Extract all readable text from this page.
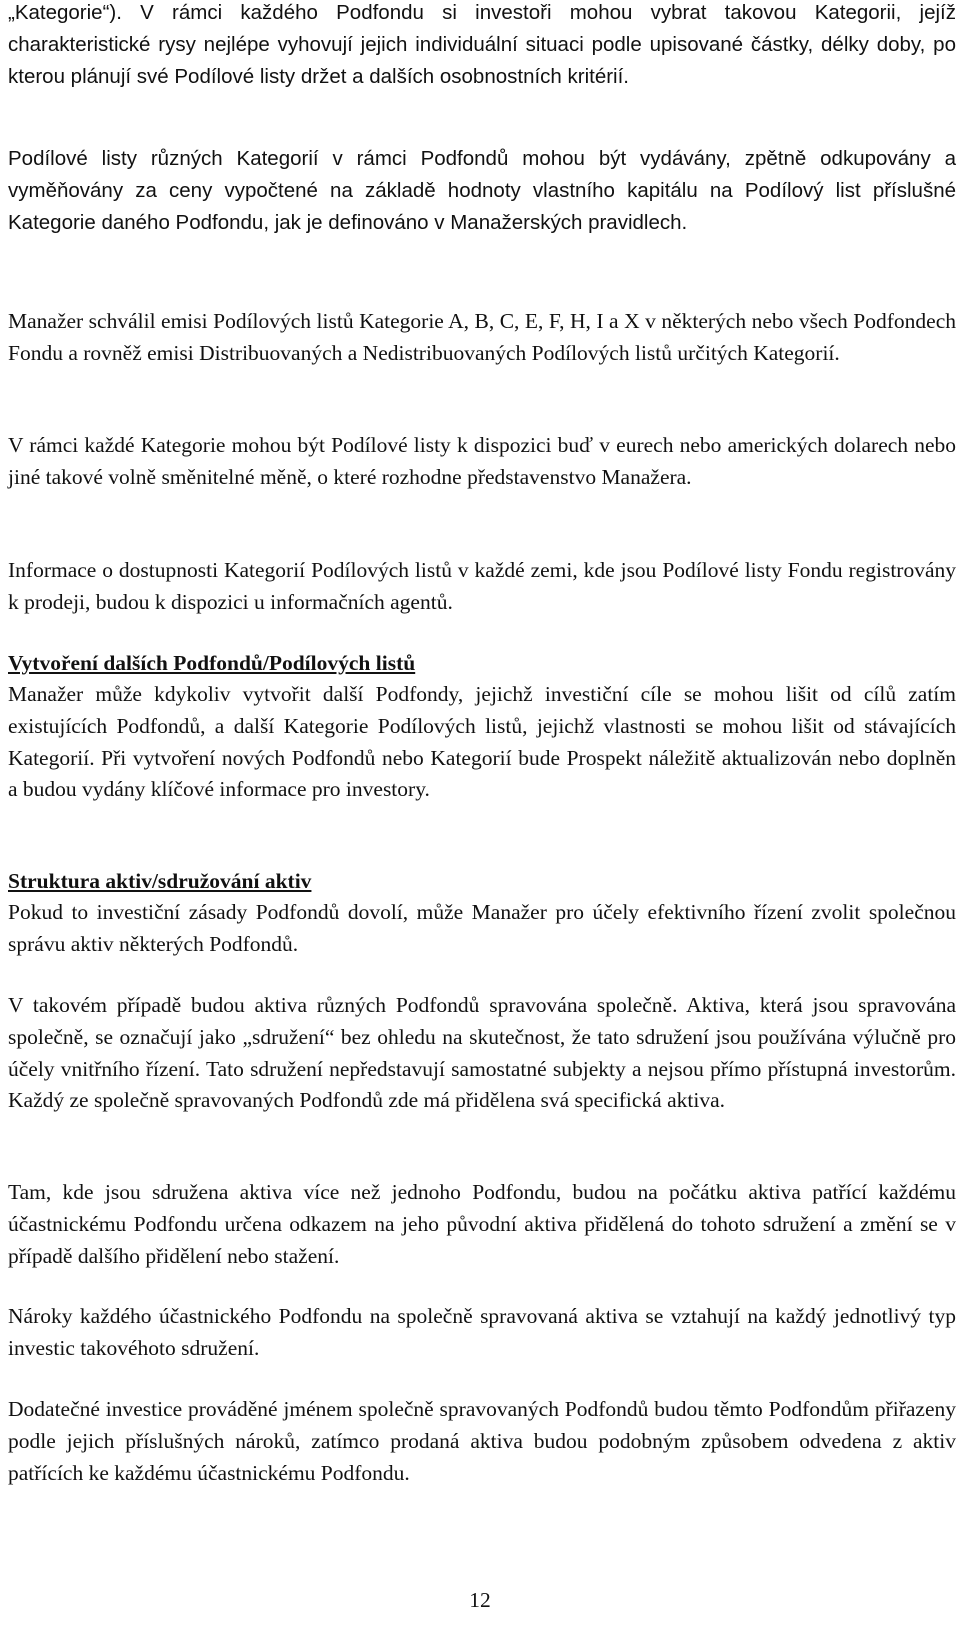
„Kategorie“). V rámci každého Podfondu si investoři mohou vybrat takovou Kategorii, jejíž charakteristické rysy nejlépe vyhovují jejich individuální situaci podle upisované částky, délky doby, po kterou plánují své Podílové listy držet a dalších osobnostních kritérií.

Podílové listy různých Kategorií v rámci Podfondů mohou být vydávány, zpětně odkupovány a vyměňovány za ceny vypočtené na základě hodnoty vlastního kapitálu na Podílový list příslušné Kategorie daného Podfondu, jak je definováno v Manažerských pravidlech.

Manažer schválil emisi Podílových listů Kategorie A, B, C, E, F, H, I a X v některých nebo všech Podfondech Fondu a rovněž emisi Distribuovaných a Nedistribuovaných Podílových listů určitých Kategorií.

V rámci každé Kategorie mohou být Podílové listy k dispozici buď v eurech nebo amerických dolarech nebo jiné takové volně směnitelné měně, o které rozhodne představenstvo Manažera.

Informace o dostupnosti Kategorií Podílových listů v každé zemi, kde jsou Podílové listy Fondu registrovány k prodeji, budou k dispozici u informačních agentů.

Vytvoření dalších Podfondů/Podílových listů

Manažer může kdykoliv vytvořit další Podfondy, jejichž investiční cíle se mohou lišit od cílů zatím existujících Podfondů, a další Kategorie Podílových listů, jejichž vlastnosti se mohou lišit od stávajících Kategorií. Při vytvoření nových Podfondů nebo Kategorií bude Prospekt náležitě aktualizován nebo doplněn a budou vydány klíčové informace pro investory.

Struktura aktiv/sdružování aktiv

Pokud to investiční zásady Podfondů dovolí, může Manažer pro účely efektivního řízení zvolit společnou správu aktiv některých Podfondů.

V takovém případě budou aktiva různých Podfondů spravována společně. Aktiva, která jsou spravována společně, se označují jako „sdružení“ bez ohledu na skutečnost, že tato sdružení jsou používána výlučně pro účely vnitřního řízení. Tato sdružení nepředstavují samostatné subjekty a nejsou přímo přístupná investorům. Každý ze společně spravovaných Podfondů zde má přidělena svá specifická aktiva.

Tam, kde jsou sdružena aktiva více než jednoho Podfondu, budou na počátku aktiva patřící každému účastnickému Podfondu určena odkazem na jeho původní aktiva přidělená do tohoto sdružení a změní se v případě dalšího přidělení nebo stažení.

Nároky každého účastnického Podfondu na společně spravovaná aktiva se vztahují na každý jednotlivý typ investic takovéhoto sdružení.

Dodatečné investice prováděné jménem společně spravovaných Podfondů budou těmto Podfondům přiřazeny podle jejich příslušných nároků, zatímco prodaná aktiva budou podobným způsobem odvedena z aktiv patřících ke každému účastnickému Podfondu.

12
